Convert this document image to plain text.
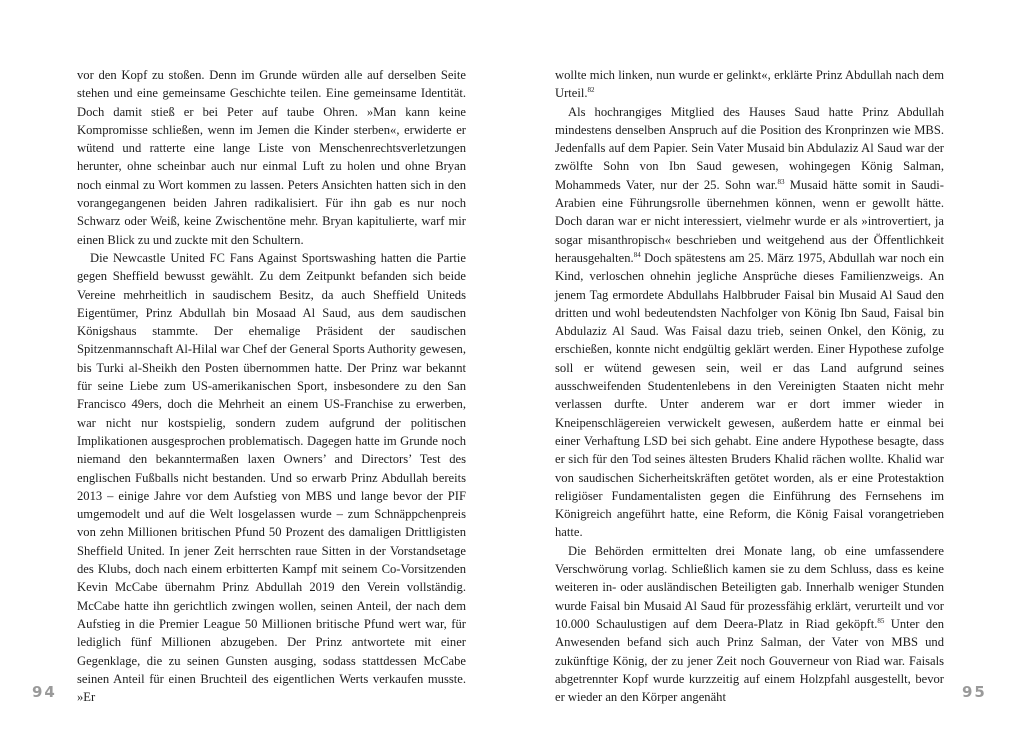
vor den Kopf zu stoßen. Denn im Grunde würden alle auf derselben Seite stehen und eine gemeinsame Geschichte teilen. Eine gemeinsame Identität. Doch damit stieß er bei Peter auf taube Ohren. »Man kann keine Kompromisse schließen, wenn im Jemen die Kinder sterben«, erwiderte er wütend und ratterte eine lange Liste von Menschenrechtsverletzungen herunter, ohne scheinbar auch nur einmal Luft zu holen und ohne Bryan noch einmal zu Wort kommen zu lassen. Peters Ansichten hatten sich in den vorangegangenen beiden Jahren radikalisiert. Für ihn gab es nur noch Schwarz oder Weiß, keine Zwischentöne mehr. Bryan kapitulierte, warf mir einen Blick zu und zuckte mit den Schultern.

Die Newcastle United FC Fans Against Sportswashing hatten die Partie gegen Sheffield bewusst gewählt. Zu dem Zeitpunkt befanden sich beide Vereine mehrheitlich in saudischem Besitz, da auch Sheffield Uniteds Eigentümer, Prinz Abdullah bin Mosaad Al Saud, aus dem saudischen Königshaus stammte. Der ehemalige Präsident der saudischen Spitzenmannschaft Al-Hilal war Chef der General Sports Authority gewesen, bis Turki al-Sheikh den Posten übernommen hatte. Der Prinz war bekannt für seine Liebe zum US-amerikanischen Sport, insbesondere zu den San Francisco 49ers, doch die Mehrheit an einem US-Franchise zu erwerben, war nicht nur kostspielig, sondern zudem aufgrund der politischen Implikationen ausgesprochen problematisch. Dagegen hatte im Grunde noch niemand den bekanntermaßen laxen Owners’ and Directors’ Test des englischen Fußballs nicht bestanden. Und so erwarb Prinz Abdullah bereits 2013 – einige Jahre vor dem Aufstieg von MBS und lange bevor der PIF umgemodelt und auf die Welt losgelassen wurde – zum Schnäppchenpreis von zehn Millionen britischen Pfund 50 Prozent des damaligen Drittligisten Sheffield United. In jener Zeit herrschten raue Sitten in der Vorstandsetage des Klubs, doch nach einem erbitterten Kampf mit seinem Co-Vorsitzenden Kevin McCabe übernahm Prinz Abdullah 2019 den Verein vollständig. McCabe hatte ihn gerichtlich zwingen wollen, seinen Anteil, der nach dem Aufstieg in die Premier League 50 Millionen britische Pfund wert war, für lediglich fünf Millionen abzugeben. Der Prinz antwortete mit einer Gegenklage, die zu seinen Gunsten ausging, sodass stattdessen McCabe seinen Anteil für einen Bruchteil des eigentlichen Werts verkaufen musste. »Er

wollte mich linken, nun wurde er gelinkt«, erklärte Prinz Abdullah nach dem Urteil.$^{82}$

Als hochrangiges Mitglied des Hauses Saud hatte Prinz Abdullah mindestens denselben Anspruch auf die Position des Kronprinzen wie MBS. Jedenfalls auf dem Papier. Sein Vater Musaid bin Abdulaziz Al Saud war der zwölfte Sohn von Ibn Saud gewesen, wohingegen König Salman, Mohammeds Vater, nur der 25. Sohn war.$^{83}$ Musaid hätte somit in Saudi-Arabien eine Führungsrolle übernehmen können, wenn er gewollt hätte. Doch daran war er nicht interessiert, vielmehr wurde er als »introvertiert, ja sogar misanthropisch« beschrieben und weitgehend aus der Öffentlichkeit herausgehalten.$^{84}$ Doch spätestens am 25. März 1975, Abdullah war noch ein Kind, verloschen ohnehin jegliche Ansprüche dieses Familienzweigs. An jenem Tag ermordete Abdullahs Halbbruder Faisal bin Musaid Al Saud den dritten und wohl bedeutendsten Nachfolger von König Ibn Saud, Faisal bin Abdulaziz Al Saud. Was Faisal dazu trieb, seinen Onkel, den König, zu erschießen, konnte nicht endgültig geklärt werden. Einer Hypothese zufolge soll er wütend gewesen sein, weil er das Land aufgrund seines ausschweifenden Studentenlebens in den Vereinigten Staaten nicht mehr verlassen durfte. Unter anderem war er dort immer wieder in Kneipenschlägereien verwickelt gewesen, außerdem hatte er einmal bei einer Verhaftung LSD bei sich gehabt. Eine andere Hypothese besagte, dass er sich für den Tod seines ältesten Bruders Khalid rächen wollte. Khalid war von saudischen Sicherheitskräften getötet worden, als er eine Protestaktion religiöser Fundamentalisten gegen die Einführung des Fernsehens im Königreich angeführt hatte, eine Reform, die König Faisal vorangetrieben hatte.

Die Behörden ermittelten drei Monate lang, ob eine umfassendere Verschwörung vorlag. Schließlich kamen sie zu dem Schluss, dass es keine weiteren in- oder ausländischen Beteiligten gab. Innerhalb weniger Stunden wurde Faisal bin Musaid Al Saud für prozessfähig erklärt, verurteilt und vor 10.000 Schaulustigen auf dem Deera-Platz in Riad geköpft.$^{85}$ Unter den Anwesenden befand sich auch Prinz Salman, der Vater von MBS und zukünftige König, der zu jener Zeit noch Gouverneur von Riad war. Faisals abgetrennter Kopf wurde kurzzeitig auf einem Holzpfahl ausgestellt, bevor er wieder an den Körper angenäht

94	95
